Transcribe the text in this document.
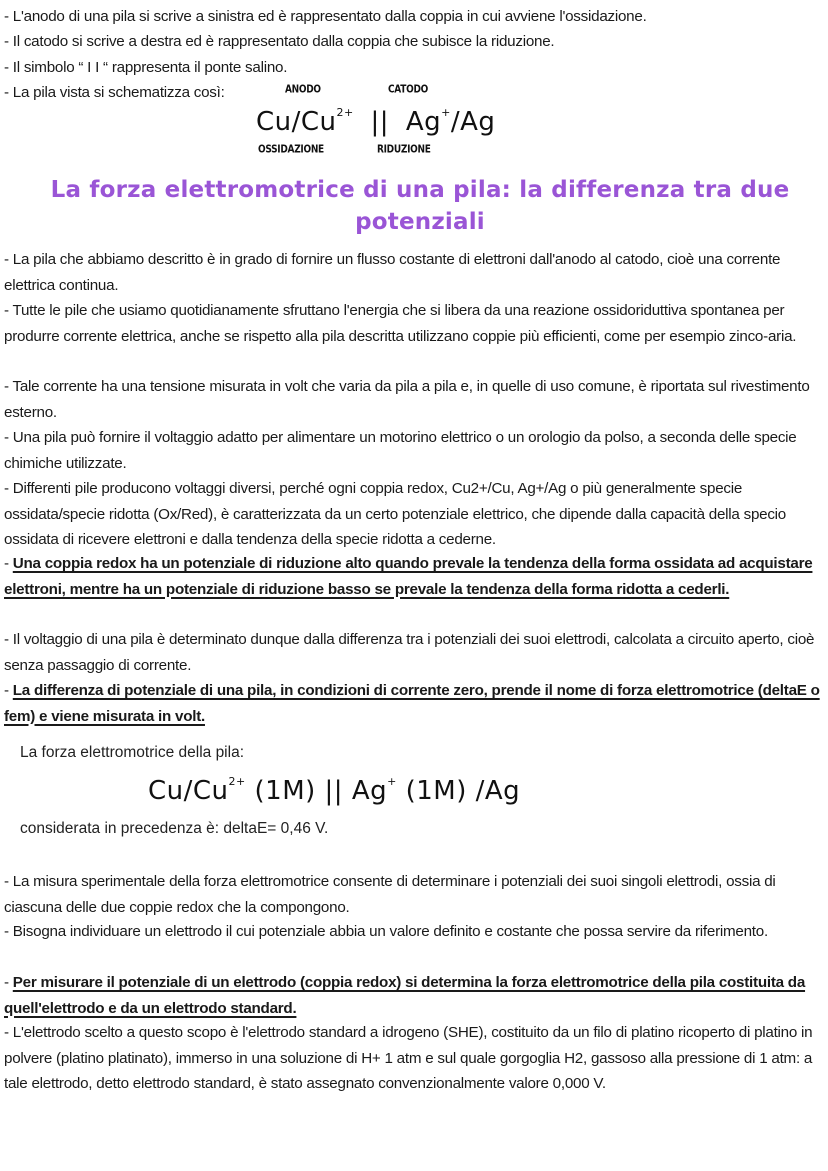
- L'anodo di una pila si scrive a sinistra ed è rappresentato dalla coppia in cui avviene l'ossidazione.
- Il catodo si scrive a destra ed è rappresentato dalla coppia che subisce la riduzione.
- Il simbolo “ I I “ rappresenta il ponte salino.
- La pila vista si schematizza così:	ANODO	CATODO
$Cu/Cu^{2+}$ || Ag+/Ag
OSSIDAZIONE	RIDUZIONE
La forza elettromotrice di una pila: la differenza tra due
potenziali
- La pila che abbiamo descritto è in grado di fornire un flusso costante di elettroni dall'anodo al catodo, cioè una corrente elettrica continua.
- Tutte le pile che usiamo quotidianamente sfruttano l'energia che si libera da una reazione ossidoriduttiva spontanea per produrre corrente elettrica, anche se rispetto alla pila descritta utilizzano coppie più efficienti, come per esempio zinco-aria.
- Tale corrente ha una tensione misurata in volt che varia da pila a pila e, in quelle di uso comune, è riportata sul rivestimento esterno.
- Una pila può fornire il voltaggio adatto per alimentare un motorino elettrico o un orologio da polso, a seconda delle specie chimiche utilizzate.
- Differenti pile producono voltaggi diversi, perché ogni coppia redox, Cu2+/Cu, Ag+/Ag o più generalmente specie ossidata/specie ridotta (Ox/Red), è caratterizzata da un certo potenziale elettrico, che dipende dalla capacità della specio ossidata di ricevere elettroni e dalla tendenza della specie ridotta a cederne.
- Una coppia redox ha un potenziale di riduzione alto quando prevale la tendenza della forma ossidata ad acquistare elettroni, mentre ha un potenziale di riduzione basso se prevale la tendenza della forma ridotta a cederli.
- Il voltaggio di una pila è determinato dunque dalla differenza tra i potenziali dei suoi elettrodi, calcolata a circuito aperto, cioè senza passaggio di corrente.
- La differenza di potenziale di una pila, in condizioni di corrente zero, prende il nome di forza elettromotrice (deltaE o fem) e viene misurata in volt.
La forza elettromotrice della pila:
$Cu/Cu^{2+}$ (1M) || Ag+ (1M) /Ag
considerata in precedenza è: deltaE= 0,46 V.
- La misura sperimentale della forza elettromotrice consente di determinare i potenziali dei suoi singoli elettrodi, ossia di ciascuna delle due coppie redox che la compongono.
- Bisogna individuare un elettrodo il cui potenziale abbia un valore definito e costante che possa servire da riferimento.
- Per misurare il potenziale di un elettrodo (coppia redox) si determina la forza elettromotrice della pila costituita da quell'elettrodo e da un elettrodo standard.
- L'elettrodo scelto a questo scopo è l'elettrodo standard a idrogeno (SHE), costituito da un filo di platino ricoperto di platino in polvere (platino platinato), immerso in una soluzione di H+ 1 atm e sul quale gorgoglia H2, gassoso alla pressione di 1 atm: a tale elettrodo, detto elettrodo standard, è stato assegnato convenzionalmente valore 0,000 V.
